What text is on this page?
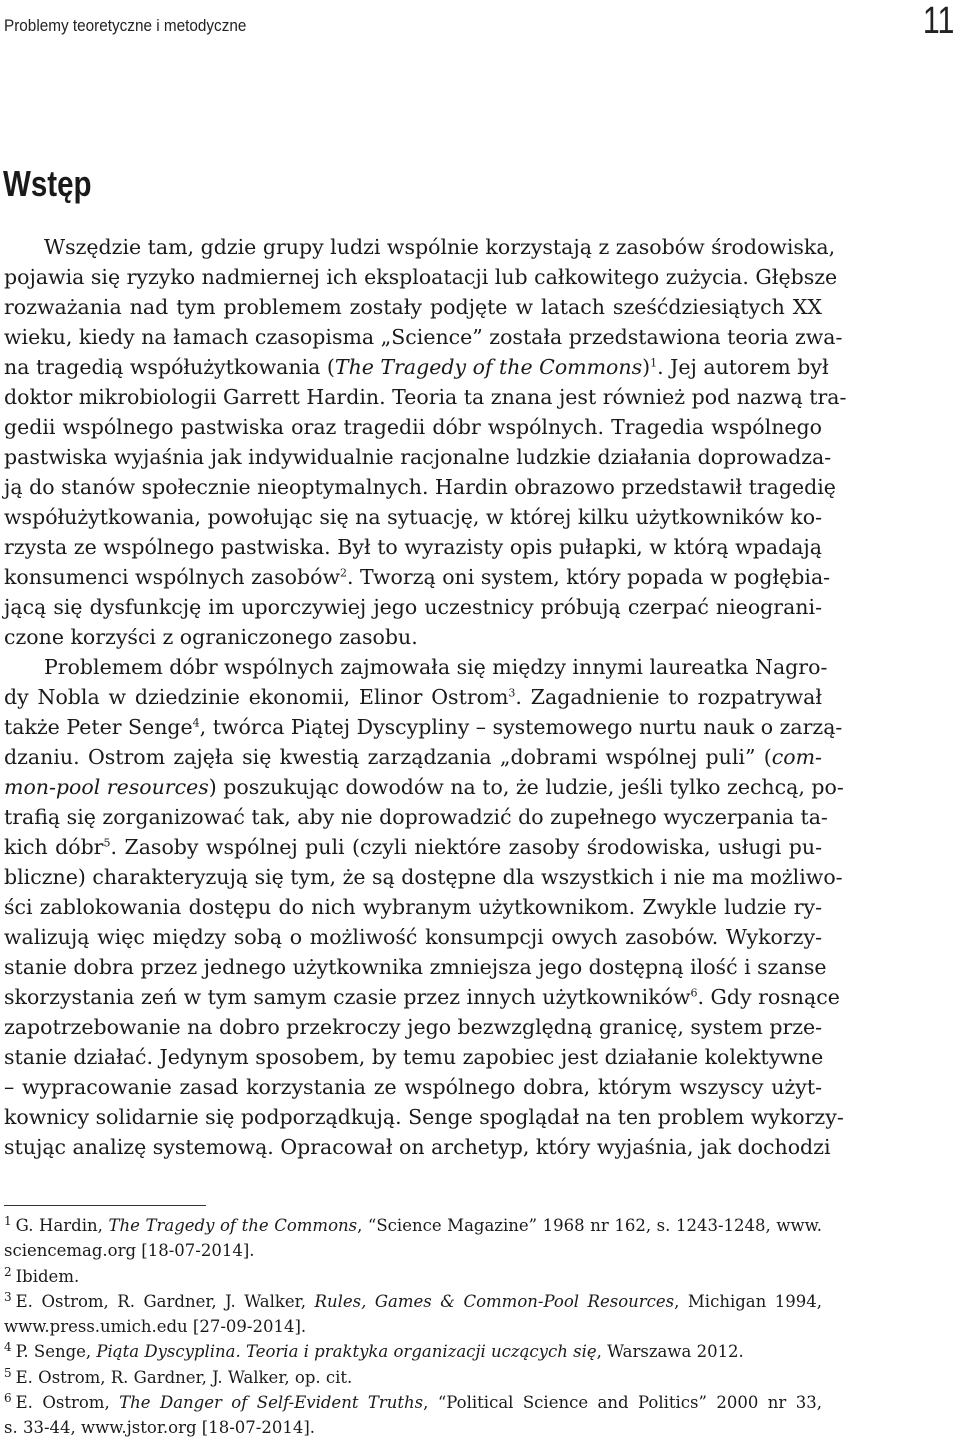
Problemy teoretyczne i metodyczne	11
Wstęp
Wszędzie tam, gdzie grupy ludzi wspólnie korzystają z zasobów środowiska,
pojawia się ryzyko nadmiernej ich eksploatacji lub całkowitego zużycia. Głębsze
rozważania nad tym problemem zostały podjęte w latach sześćdziesiątych XX
wieku, kiedy na łamach czasopisma „Science” została przedstawiona teoria zwa-
na tragedią współużytkowania (The Tragedy of the Commons)$^1$. Jej autorem był
doktor mikrobiologii Garrett Hardin. Teoria ta znana jest również pod nazwą tra-
gedii wspólnego pastwiska oraz tragedii dóbr wspólnych. Tragedia wspólnego
pastwiska wyjaśnia jak indywidualnie racjonalne ludzkie działania doprowadza-
ją do stanów społecznie nieoptymalnych. Hardin obrazowo przedstawił tragedię
współużytkowania, powołując się na sytuację, w której kilku użytkowników ko-
rzysta ze wspólnego pastwiska. Był to wyrazisty opis pułapki, w którą wpadają
konsumenci wspólnych zasobów$^2$. Tworzą oni system, który popada w pogłębia-
jącą się dysfunkcję im uporczywiej jego uczestnicy próbują czerpać nieograni-
czone korzyści z ograniczonego zasobu.
Problemem dóbr wspólnych zajmowała się między innymi laureatka Nagro-
dy Nobla w dziedzinie ekonomii, Elinor Ostrom$^3$. Zagadnienie to rozpatrywał
także Peter Senge$^4$, twórca Piątej Dyscypliny – systemowego nurtu nauk o zarzą-
dzaniu. Ostrom zajęła się kwestią zarządzania „dobrami wspólnej puli” (com-
mon-pool resources) poszukując dowodów na to, że ludzie, jeśli tylko zechcą, po-
trafią się zorganizować tak, aby nie doprowadzić do zupełnego wyczerpania ta-
kich dóbr$^5$. Zasoby wspólnej puli (czyli niektóre zasoby środowiska, usługi pu-
bliczne) charakteryzują się tym, że są dostępne dla wszystkich i nie ma możliwo-
ści zablokowania dostępu do nich wybranym użytkownikom. Zwykle ludzie ry-
walizują więc między sobą o możliwość konsumpcji owych zasobów. Wykorzy-
stanie dobra przez jednego użytkownika zmniejsza jego dostępną ilość i szanse
skorzystania zeń w tym samym czasie przez innych użytkowników$^6$. Gdy rosnące
zapotrzebowanie na dobro przekroczy jego bezwzględną granicę, system prze-
stanie działać. Jedynym sposobem, by temu zapobiec jest działanie kolektywne
– wypracowanie zasad korzystania ze wspólnego dobra, którym wszyscy użyt-
kownicy solidarnie się podporządkują. Senge spoglądał na ten problem wykorzy-
stując analizę systemową. Opracował on archetyp, który wyjaśnia, jak dochodzi
$^1$ G. Hardin, The Tragedy of the Commons, “Science Magazine” 1968 nr 162, s. 1243-1248, www.
sciencemag.org [18-07-2014].
$^2$ Ibidem.
$^3$ E. Ostrom, R. Gardner, J. Walker, Rules, Games & Common-Pool Resources, Michigan 1994,
www.press.umich.edu [27-09-2014].
$^4$ P. Senge, Piąta Dyscyplina. Teoria i praktyka organizacji uczących się, Warszawa 2012.
$^5$ E. Ostrom, R. Gardner, J. Walker, op. cit.
$^6$ E. Ostrom, The Danger of Self-Evident Truths, “Political Science and Politics” 2000 nr 33,
s. 33-44, www.jstor.org [18-07-2014].
